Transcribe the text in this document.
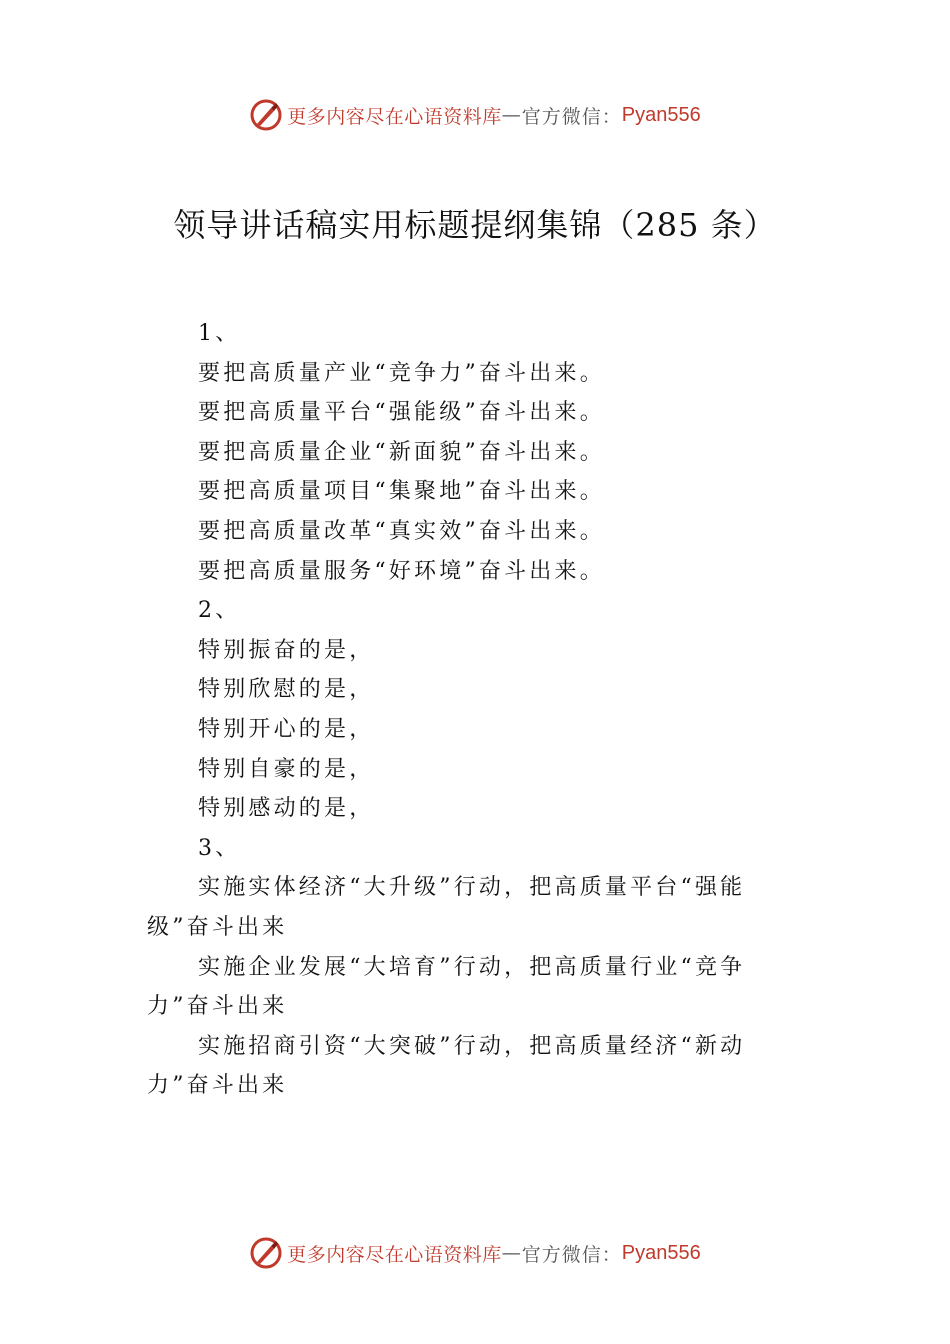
更多内容尽在心语资料库 — 官方微信： Pyan556
领导讲话稿实用标题提纲集锦（285 条）
1、
要把高质量产业“竞争力”奋斗出来。
要把高质量平台“强能级”奋斗出来。
要把高质量企业“新面貌”奋斗出来。
要把高质量项目“集聚地”奋斗出来。
要把高质量改革“真实效”奋斗出来。
要把高质量服务“好环境”奋斗出来。
2、
特别振奋的是，
特别欣慰的是，
特别开心的是，
特别自豪的是，
特别感动的是，
3、
实施实体经济“大升级”行动，把高质量平台“强能级”奋斗出来
实施企业发展“大培育”行动，把高质量行业“竞争力”奋斗出来
实施招商引资“大突破”行动，把高质量经济“新动力”奋斗出来
更多内容尽在心语资料库 — 官方微信： Pyan556
